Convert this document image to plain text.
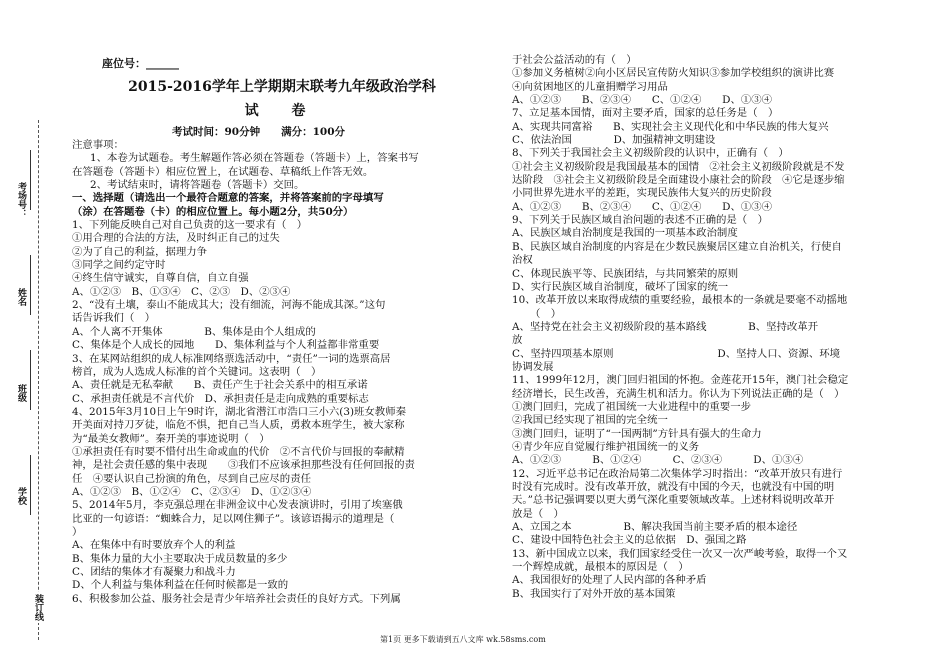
考场号：
姓名
班级
学校
装订线
座位号：______
2015-2016学年上学期期末联考九年级政治学科
试 卷
考试时间：90分钟　　满分：100分
注意事项：
1、本卷为试题卷。考生解题作答必须在答题卷（答题卡）上，答案书写
在答题卷（答题卡）相应位置上，在试题卷、草稿纸上作答无效。
2、考试结束时，请将答题卷（答题卡）交回。
一、选择题（请选出一个最符合题意的答案，并将答案前的字母填写
（涂）在答题卷（卡）的相应位置上。每小题2分，共50分）
1、下列能反映自己对自己负责的这一要求有（　）
①用合理的合法的方法，及时纠正自己的过失
②为了自己的利益，据理力争
③同学之间约定守时
④终生信守诚实，自尊自信，自立自强
A、①②③　B、①③④　C、②③　D、②③④
2、“没有土壤，泰山不能成其大；没有细流，河海不能成其深。”这句
话告诉我们（　）
A、个人离不开集体　　　　B、集体是由个人组成的
C、集体是个人成长的园地　　D、集体利益与个人利益都非常重要
3、在某网站组织的成人标准网络票选活动中，“责任”一词的选票高居
榜首，成为人选成人标准的首个关键词。这表明（　）
A、责任就是无私奉献　　B、责任产生于社会关系中的相互承诺
C、承担责任就是不言代价　D、承担责任是走向成熟的重要标志
4、2015年3月10日上午9时许，湖北省潜江市浩口三小六(3)班女教师秦
开美面对持刀歹徒，临危不惧，把自己当人质，勇救本班学生，被大家称
为“最美女教师”。秦开美的事迹说明（　）
①承担责任有时要不惜付出生命或血的代价　②不言代价与回报的奉献精
神，是社会责任感的集中表现　　③我们不应该承担那些没有任何回报的责
任　④要认识自己扮演的角色，尽到自己应尽的责任
A、①②③　B、①②④　C、②③④　D、①②③④
5、2014年5月，李克强总理在非洲金议中心发表演讲时，引用了埃塞俄
比亚的一句谚语：“蜘蛛合力，足以网住狮子”。该谚语揭示的道理是（
）
A、在集体中有时要放弃个人的利益
B、集体力量的大小主要取决于成员数量的多少
C、团结的集体才有凝聚力和战斗力
D、个人利益与集体利益在任何时候都是一致的
6、积极参加公益、服务社会是青少年培养社会责任的良好方式。下列属
于社会公益活动的有（　）
①参加义务植树②向小区居民宣传防火知识③参加学校组织的演讲比赛
④向贫困地区的儿童捐赠学习用品
A、①②③　　B、②③④　　C、①②④　　D、①③④
7、立足基本国情，面对主要矛盾，国家的总任务是（　）
A、实现共同富裕　　B、实现社会主义现代化和中华民族的伟大复兴
C、依法治国　　　　D、加强精神文明建设
8、下列关于我国社会主义初级阶段的认识中，正确有（　）
①社会主义初级阶段是我国最基本的国情　②社会主义初级阶段就是不发
达阶段　③社会主义初级阶段是全面建设小康社会的阶段　④它是逐步缩
小同世界先进水平的差距，实现民族伟大复兴的历史阶段
A、①②③　　B、②③④　　C、①②④　　D、①③④
9、下列关于民族区域自治问题的表述不正确的是（　）
A、民族区域自治制度是我国的一项基本政治制度
B、民族区域自治制度的内容是在少数民族聚居区建立自治机关，行使自
治权
C、体现民族平等、民族团结，与共同繁荣的原则
D、实行民族区域自治制度，破坏了国家的统一
10、改革开放以来取得成绩的重要经验，最根本的一条就是要毫不动摇地
（　）
A、坚持党在社会主义初级阶段的基本路线　　　　B、坚持改革开
放
C、坚持四项基本原则　　　　　　　　　　D、坚持人口、资源、环境
协调发展
11、1999年12月，澳门回归祖国的怀抱。金莲花开15年，澳门社会稳定
经济增长，民生改善，充满生机和活力。你认为下列说法正确的是（　）
①澳门回归，完成了祖国统一大业进程中的重要一步
②我国已经实现了祖国的完全统一
③澳门回归，证明了“一国两制”方针具有强大的生命力
④青少年应自觉履行维护祖国统一的义务
A、①②③　　　B、①②④　　　C、②③④　　　D、①③④
12、习近平总书记在政治局第二次集体学习时指出：“改革开放只有进行
时没有完成时。没有改革开放，就没有中国的今天，也就没有中国的明
天。”总书记强调要以更大勇气深化重要领域改革。上述材料说明改革开
放是（　）
A、立国之本　　　　　B、解决我国当前主要矛盾的根本途径
C、建设中国特色社会主义的总依据　D、强国之路
13、新中国成立以来，我们国家经受住一次又一次严峻考验，取得一个又
一个辉煌成就，最根本的原因是（　）
A、我国很好的处理了人民内部的各种矛盾
B、我国实行了对外开放的基本国策
第1页 更多下载请到五八文库 wk.58sms.com
